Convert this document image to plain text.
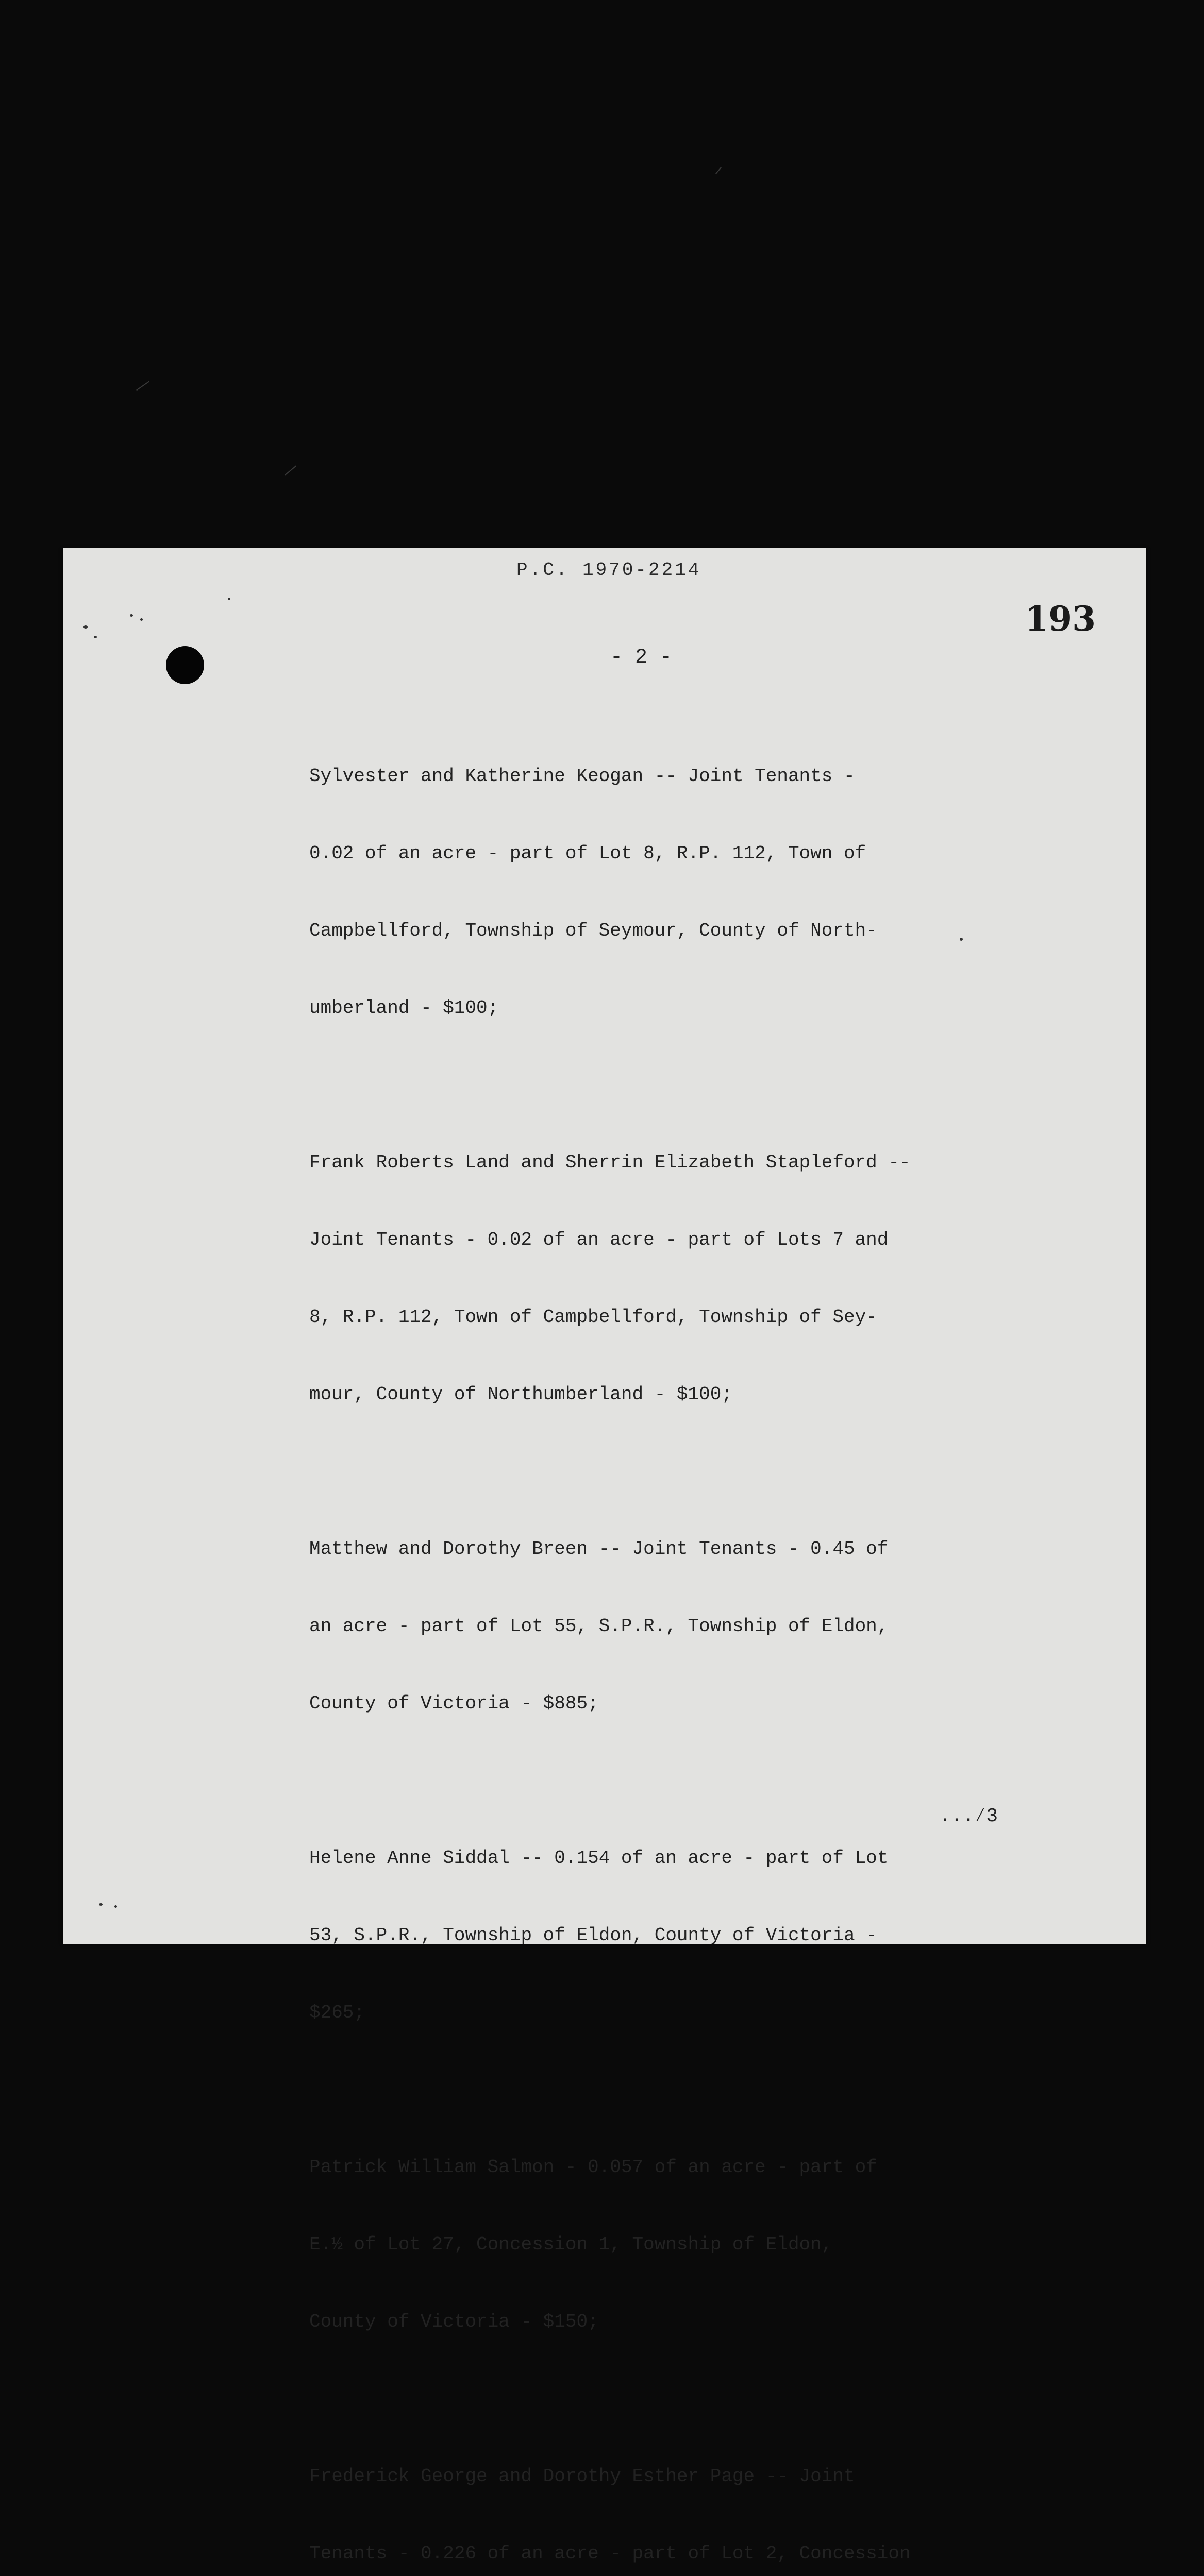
P.C. 1970-2214
193
- 2 -

Sylvester and Katherine Keogan -- Joint Tenants -

0.02 of an acre - part of Lot 8, R.P. 112, Town of

Campbellford, Township of Seymour, County of North-

umberland - $100;

Frank Roberts Land and Sherrin Elizabeth Stapleford --

Joint Tenants - 0.02 of an acre - part of Lots 7 and

8, R.P. 112, Town of Campbellford, Township of Sey-

mour, County of Northumberland - $100;

Matthew and Dorothy Breen -- Joint Tenants - 0.45 of

an acre - part of Lot 55, S.P.R., Township of Eldon,

County of Victoria - $885;

Helene Anne Siddal -- 0.154 of an acre - part of Lot

53, S.P.R., Township of Eldon, County of Victoria -

$265;

Patrick William Salmon - 0.057 of an acre - part of

E.½ of Lot 27, Concession 1, Township of Eldon,

County of Victoria - $150;

Frederick George and Dorothy Esther Page -- Joint

Tenants - 0.226 of an acre - part of Lot 2, Concession

...∕3
